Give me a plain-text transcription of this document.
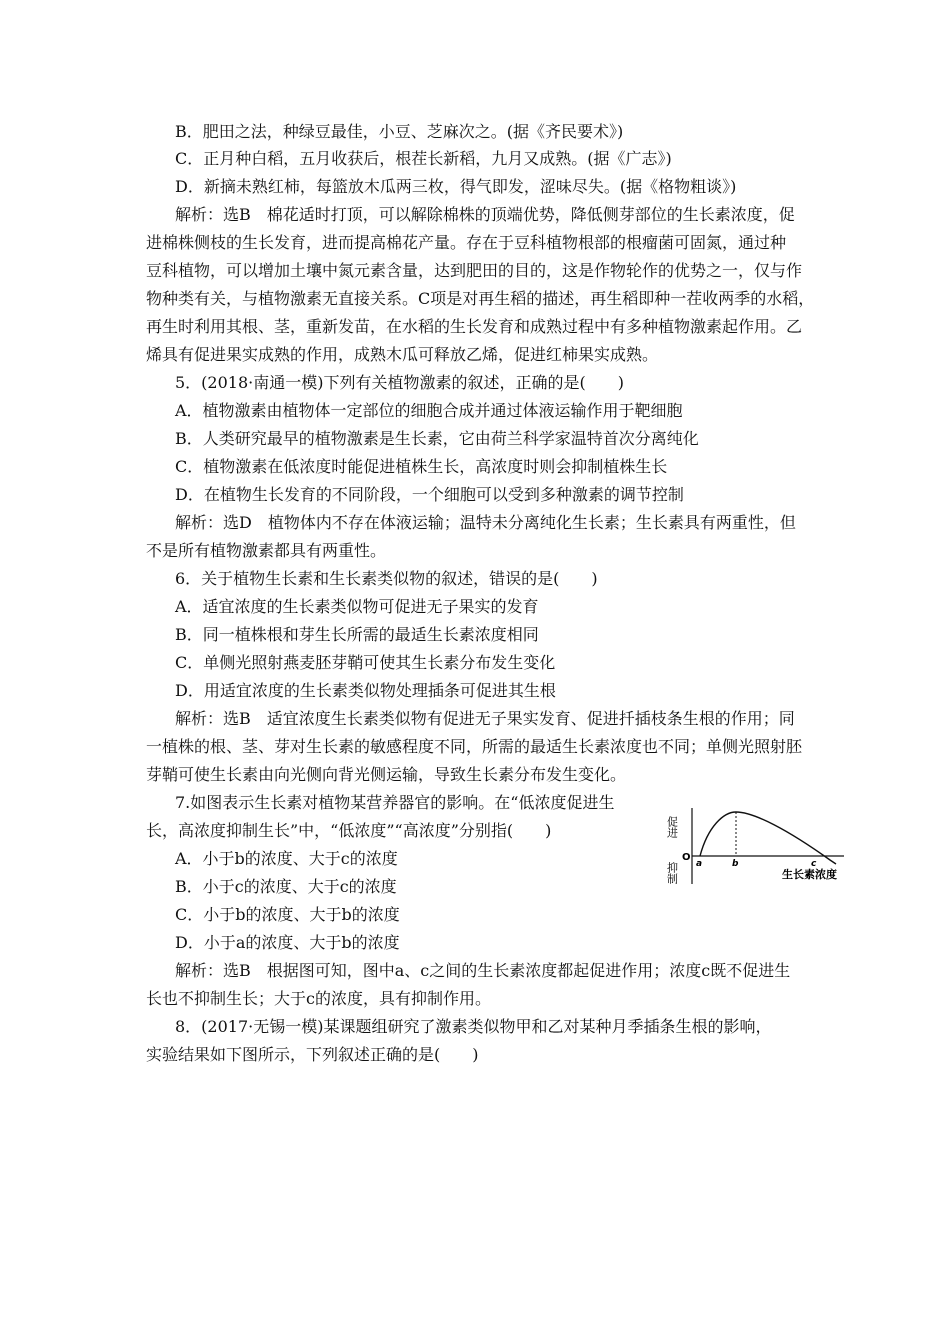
B．肥田之法，种绿豆最佳，小豆、芝麻次之。(据《齐民要术》)
C．正月种白稻，五月收获后，根茬长新稻，九月又成熟。(据《广志》)
D．新摘未熟红柿，每篮放木瓜两三枚，得气即发，涩味尽失。(据《格物粗谈》)
解析：选B　棉花适时打顶，可以解除棉株的顶端优势，降低侧芽部位的生长素浓度，促
进棉株侧枝的生长发育，进而提高棉花产量。存在于豆科植物根部的根瘤菌可固氮，通过种
豆科植物，可以增加土壤中氮元素含量，达到肥田的目的，这是作物轮作的优势之一，仅与作
物种类有关，与植物激素无直接关系。C项是对再生稻的描述，再生稻即种一茬收两季的水稻，
再生时利用其根、茎，重新发苗，在水稻的生长发育和成熟过程中有多种植物激素起作用。乙
烯具有促进果实成熟的作用，成熟木瓜可释放乙烯，促进红柿果实成熟。
5．(2018·南通一模)下列有关植物激素的叙述，正确的是(　　)
A．植物激素由植物体一定部位的细胞合成并通过体液运输作用于靶细胞
B．人类研究最早的植物激素是生长素，它由荷兰科学家温特首次分离纯化
C．植物激素在低浓度时能促进植株生长，高浓度时则会抑制植株生长
D．在植物生长发育的不同阶段，一个细胞可以受到多种激素的调节控制
解析：选D　植物体内不存在体液运输；温特未分离纯化生长素；生长素具有两重性，但
不是所有植物激素都具有两重性。
6．关于植物生长素和生长素类似物的叙述，错误的是(　　)
A．适宜浓度的生长素类似物可促进无子果实的发育
B．同一植株根和芽生长所需的最适生长素浓度相同
C．单侧光照射燕麦胚芽鞘可使其生长素分布发生变化
D．用适宜浓度的生长素类似物处理插条可促进其生根
解析：选B　适宜浓度生长素类似物有促进无子果实发育、促进扦插枝条生根的作用；同
一植株的根、茎、芽对生长素的敏感程度不同，所需的最适生长素浓度也不同；单侧光照射胚
芽鞘可使生长素由向光侧向背光侧运输，导致生长素分布发生变化。
7.如图表示生长素对植物某营养器官的影响。在“低浓度促进生
长，高浓度抑制生长”中，“低浓度”“高浓度”分别指(　　)
A．小于b的浓度、大于c的浓度
B．小于c的浓度、大于c的浓度
C．小于b的浓度、大于b的浓度
D．小于a的浓度、大于b的浓度
解析：选B　根据图可知，图中a、c之间的生长素浓度都起促进作用；浓度c既不促进生
长也不抑制生长；大于c的浓度，具有抑制作用。
8．(2017·无锡一模)某课题组研究了激素类似物甲和乙对某种月季插条生根的影响，
实验结果如下图所示，下列叙述正确的是(　　)
促进
抑制
O
a	b	c
生长素浓度
